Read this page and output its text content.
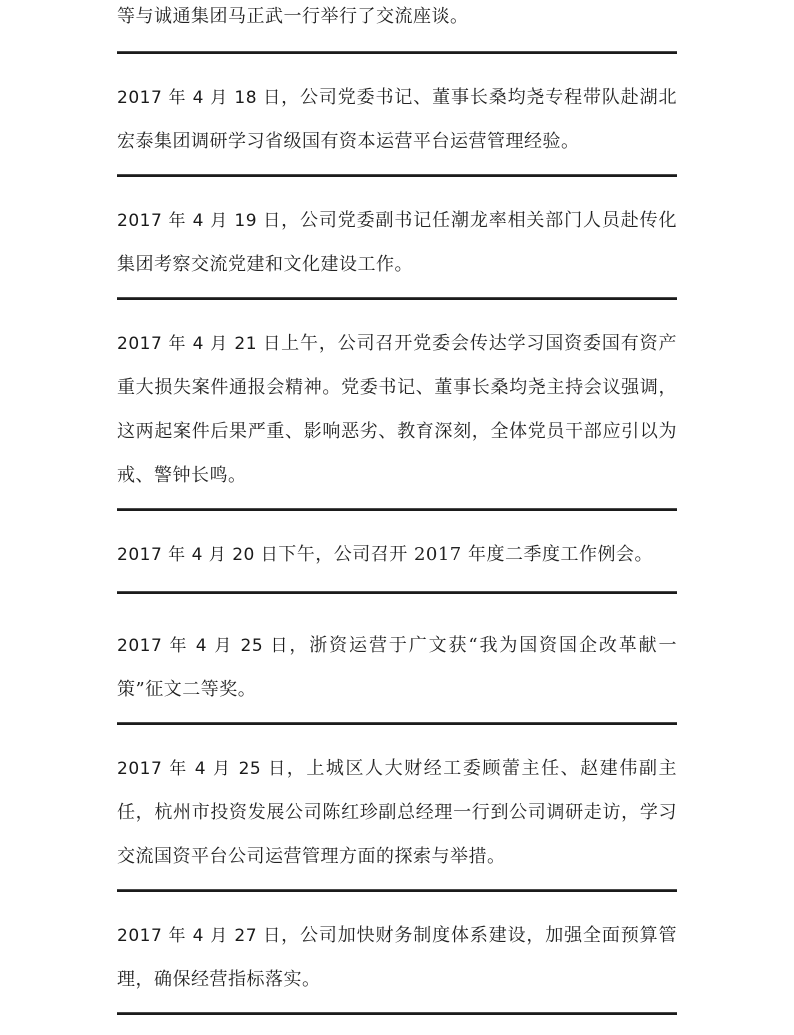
等与诚通集团马正武一行举行了交流座谈。

2017 年 4 月 18 日，公司党委书记、董事长桑均尧专程带队赴湖北宏泰集团调研学习省级国有资本运营平台运营管理经验。

2017 年 4 月 19 日，公司党委副书记任潮龙率相关部门人员赴传化集团考察交流党建和文化建设工作。

2017 年 4 月 21 日上午，公司召开党委会传达学习国资委国有资产重大损失案件通报会精神。党委书记、董事长桑均尧主持会议强调，这两起案件后果严重、影响恶劣、教育深刻，全体党员干部应引以为戒、警钟长鸣。

2017 年 4 月 20 日下午，公司召开 2017 年度二季度工作例会。

2017 年 4 月 25 日，浙资运营于广文获“我为国资国企改革献一策”征文二等奖。

2017 年 4 月 25 日，上城区人大财经工委顾蕾主任、赵建伟副主任，杭州市投资发展公司陈红珍副总经理一行到公司调研走访，学习交流国资平台公司运营管理方面的探索与举措。

2017 年 4 月 27 日，公司加快财务制度体系建设，加强全面预算管理，确保经营指标落实。
